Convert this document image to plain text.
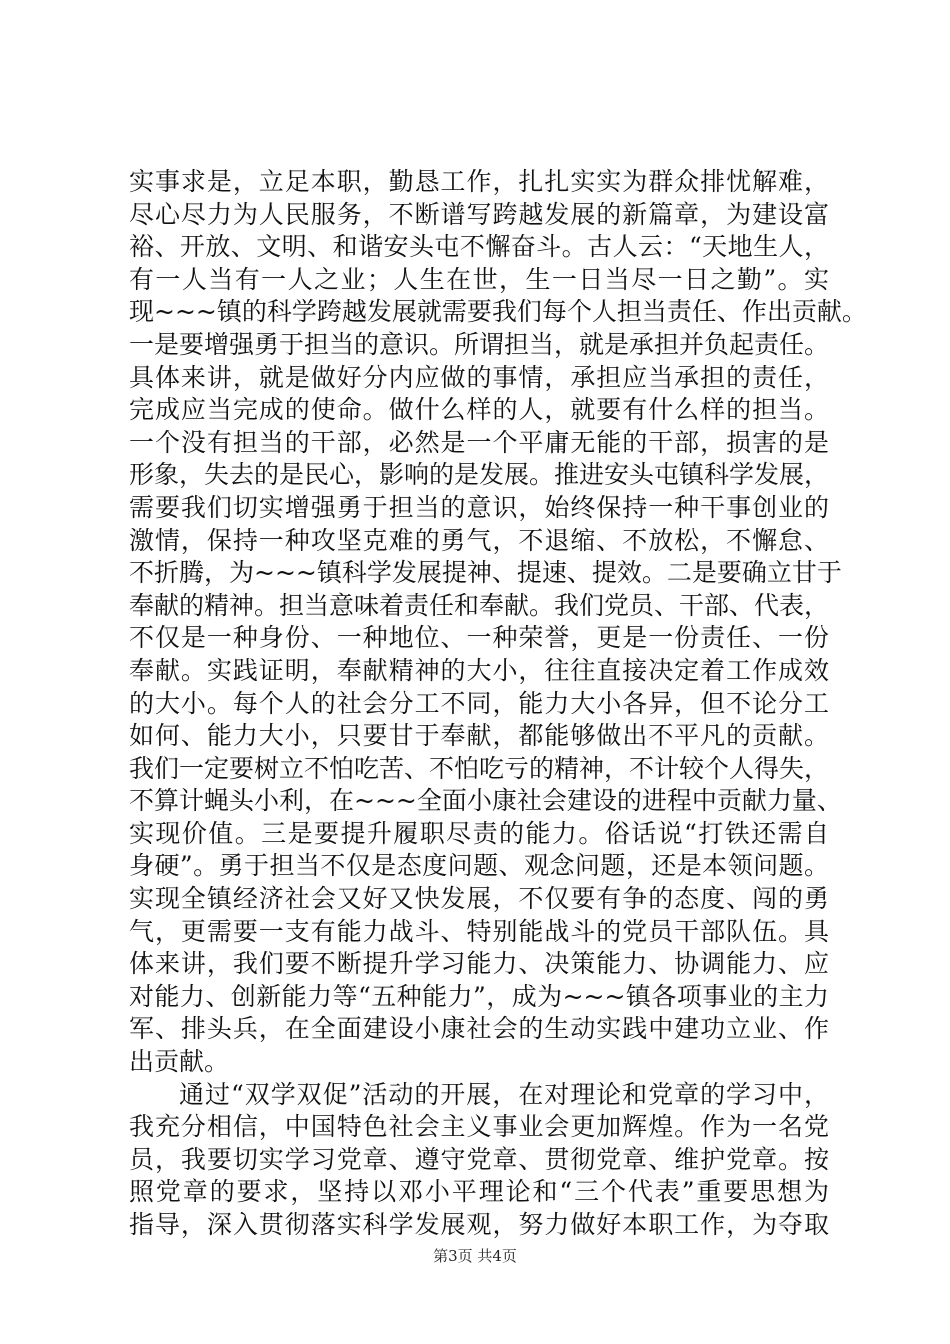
实事求是，立足本职，勤恳工作，扎扎实实为群众排忧解难，
尽心尽力为人民服务，不断谱写跨越发展的新篇章，为建设富
裕、开放、文明、和谐安头屯不懈奋斗。古人云：“天地生人，
有一人当有一人之业；人生在世，生一日当尽一日之勤”。实
现~~~镇的科学跨越发展就需要我们每个人担当责任、作出贡献。
一是要增强勇于担当的意识。所谓担当，就是承担并负起责任。
具体来讲，就是做好分内应做的事情，承担应当承担的责任，
完成应当完成的使命。做什么样的人，就要有什么样的担当。
一个没有担当的干部，必然是一个平庸无能的干部，损害的是
形象，失去的是民心，影响的是发展。推进安头屯镇科学发展，
需要我们切实增强勇于担当的意识，始终保持一种干事创业的
激情，保持一种攻坚克难的勇气，不退缩、不放松，不懈怠、
不折腾，为~~~镇科学发展提神、提速、提效。二是要确立甘于
奉献的精神。担当意味着责任和奉献。我们党员、干部、代表，
不仅是一种身份、一种地位、一种荣誉，更是一份责任、一份
奉献。实践证明，奉献精神的大小，往往直接决定着工作成效
的大小。每个人的社会分工不同，能力大小各异，但不论分工
如何、能力大小，只要甘于奉献，都能够做出不平凡的贡献。
我们一定要树立不怕吃苦、不怕吃亏的精神，不计较个人得失，
不算计蝇头小利，在~~~全面小康社会建设的进程中贡献力量、
实现价值。三是要提升履职尽责的能力。俗话说“打铁还需自
身硬”。勇于担当不仅是态度问题、观念问题，还是本领问题。
实现全镇经济社会又好又快发展，不仅要有争的态度、闯的勇
气，更需要一支有能力战斗、特别能战斗的党员干部队伍。具
体来讲，我们要不断提升学习能力、决策能力、协调能力、应
对能力、创新能力等“五种能力”，成为~~~镇各项事业的主力
军、排头兵，在全面建设小康社会的生动实践中建功立业、作
出贡献。
通过“双学双促”活动的开展，在对理论和党章的学习中，
我充分相信，中国特色社会主义事业会更加辉煌。作为一名党
员，我要切实学习党章、遵守党章、贯彻党章、维护党章。按
照党章的要求，坚持以邓小平理论和“三个代表”重要思想为
指导，深入贯彻落实科学发展观，努力做好本职工作，为夺取
第3页 共4页
